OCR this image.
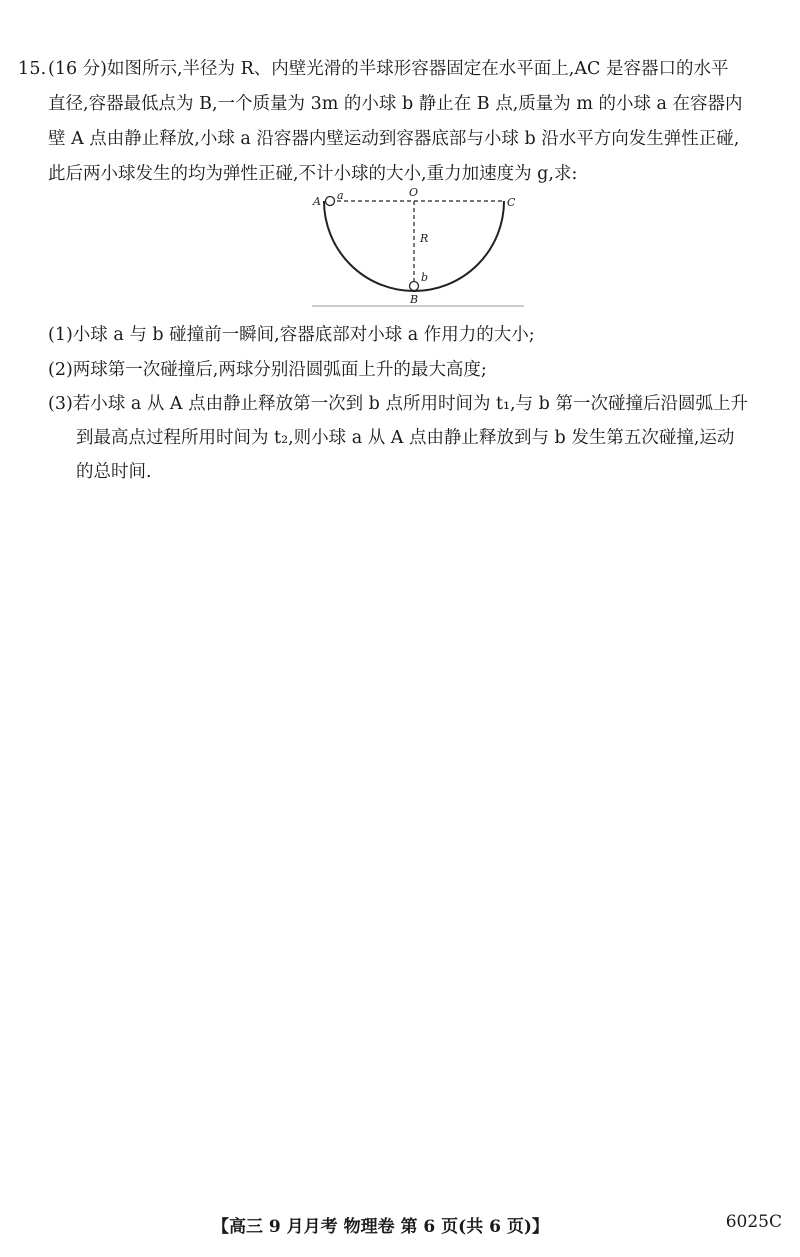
15. (16 分)如图所示,半径为 R、内壁光滑的半球形容器固定在水平面上,AC 是容器口的水平
直径,容器最低点为 B,一个质量为 3m 的小球 b 静止在 B 点,质量为 m 的小球 a 在容器内
壁 A 点由静止释放,小球 a 沿容器内壁运动到容器底部与小球 b 沿水平方向发生弹性正碰,
此后两小球发生的均为弹性正碰,不计小球的大小,重力加速度为 g,求:
A a	O
C
R
b
B
(1)小球 a 与 b 碰撞前一瞬间,容器底部对小球 a 作用力的大小;
(2)两球第一次碰撞后,两球分别沿圆弧面上升的最大高度;
(3)若小球 a 从 A 点由静止释放第一次到 b 点所用时间为 t₁,与 b 第一次碰撞后沿圆弧上升
到最高点过程所用时间为 t₂,则小球 a 从 A 点由静止释放到与 b 发生第五次碰撞,运动
的总时间.
【高三 9 月月考 物理卷 第 6 页(共 6 页)】	6025C
